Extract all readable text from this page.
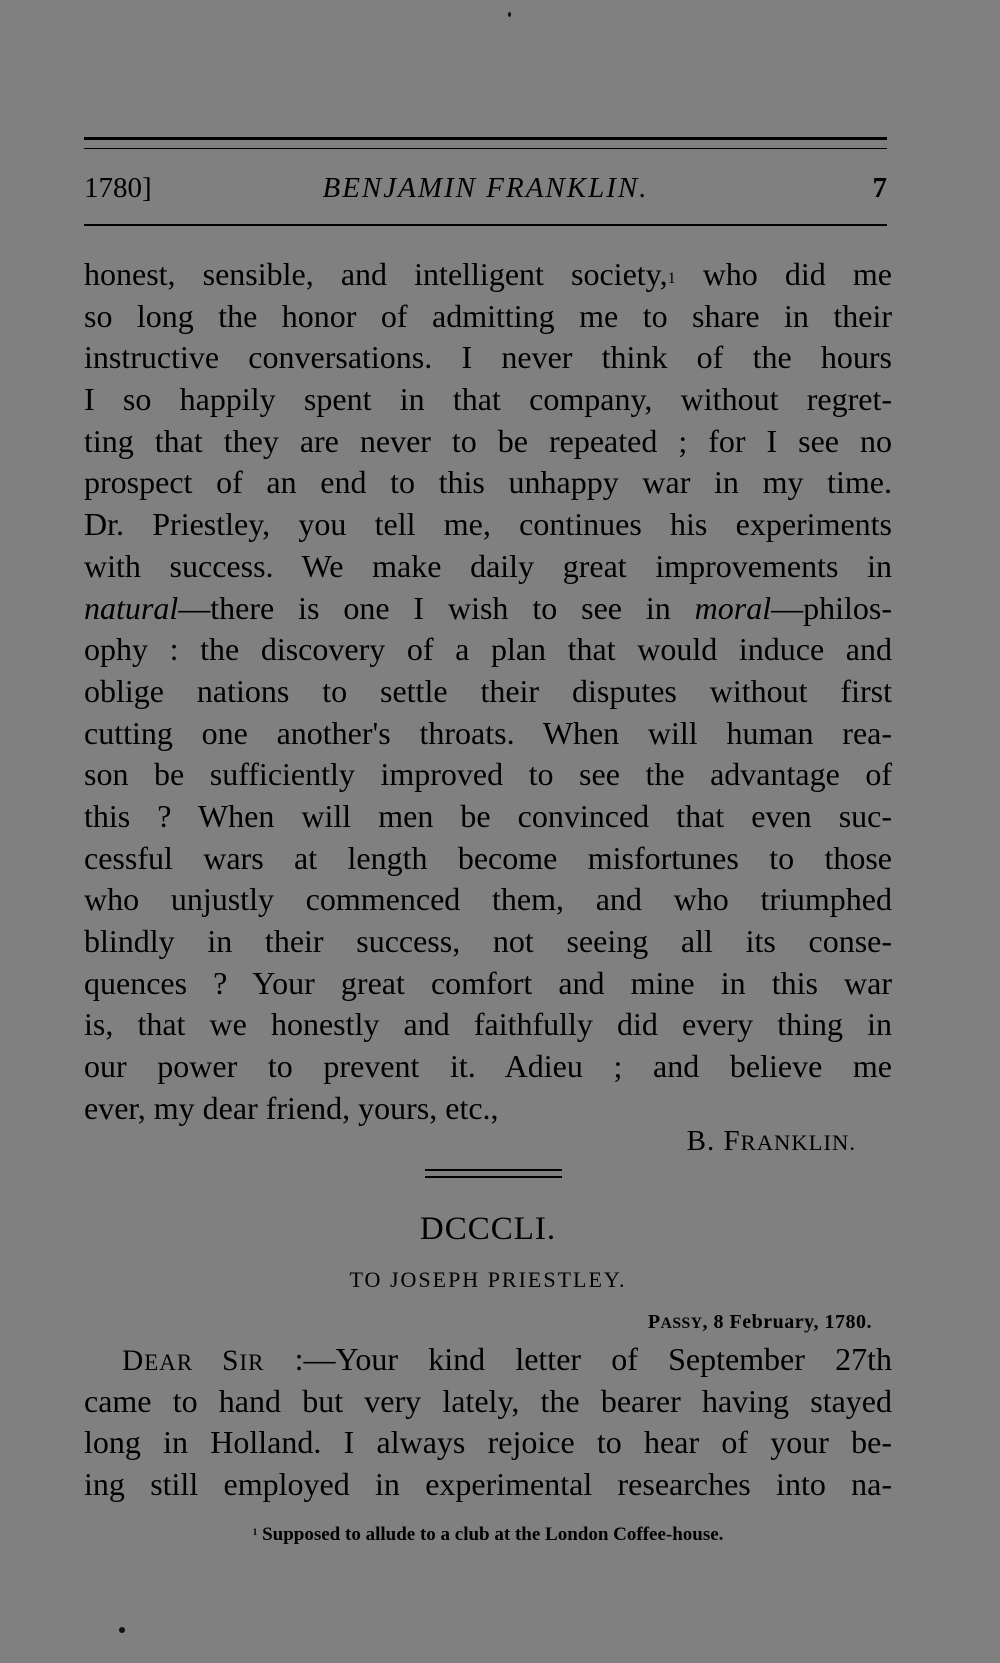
1780]	BENJAMIN FRANKLIN.	7
honest, sensible, and intelligent society,$^1$ who did me
so long the honor of admitting me to share in their
instructive conversations. I never think of the hours
I so happily spent in that company, without regret-
ting that they are never to be repeated ; for I see no
prospect of an end to this unhappy war in my time.
Dr. Priestley, you tell me, continues his experiments
with success. We make daily great improvements in
natural—there is one I wish to see in moral—philos-
ophy : the discovery of a plan that would induce and
oblige nations to settle their disputes without first
cutting one another's throats. When will human rea-
son be sufficiently improved to see the advantage of
this ? When will men be convinced that even suc-
cessful wars at length become misfortunes to those
who unjustly commenced them, and who triumphed
blindly in their success, not seeing all its conse-
quences ? Your great comfort and mine in this war
is, that we honestly and faithfully did every thing in
our power to prevent it. Adieu ; and believe me
ever, my dear friend, yours, etc.,
B. FRANKLIN.
DCCCLI.
TO JOSEPH PRIESTLEY.
PASSY, 8 February, 1780.
DEAR SIR :—Your kind letter of September 27th
came to hand but very lately, the bearer having stayed
long in Holland. I always rejoice to hear of your be-
ing still employed in experimental researches into na-
$^1$ Supposed to allude to a club at the London Coffee-house.
